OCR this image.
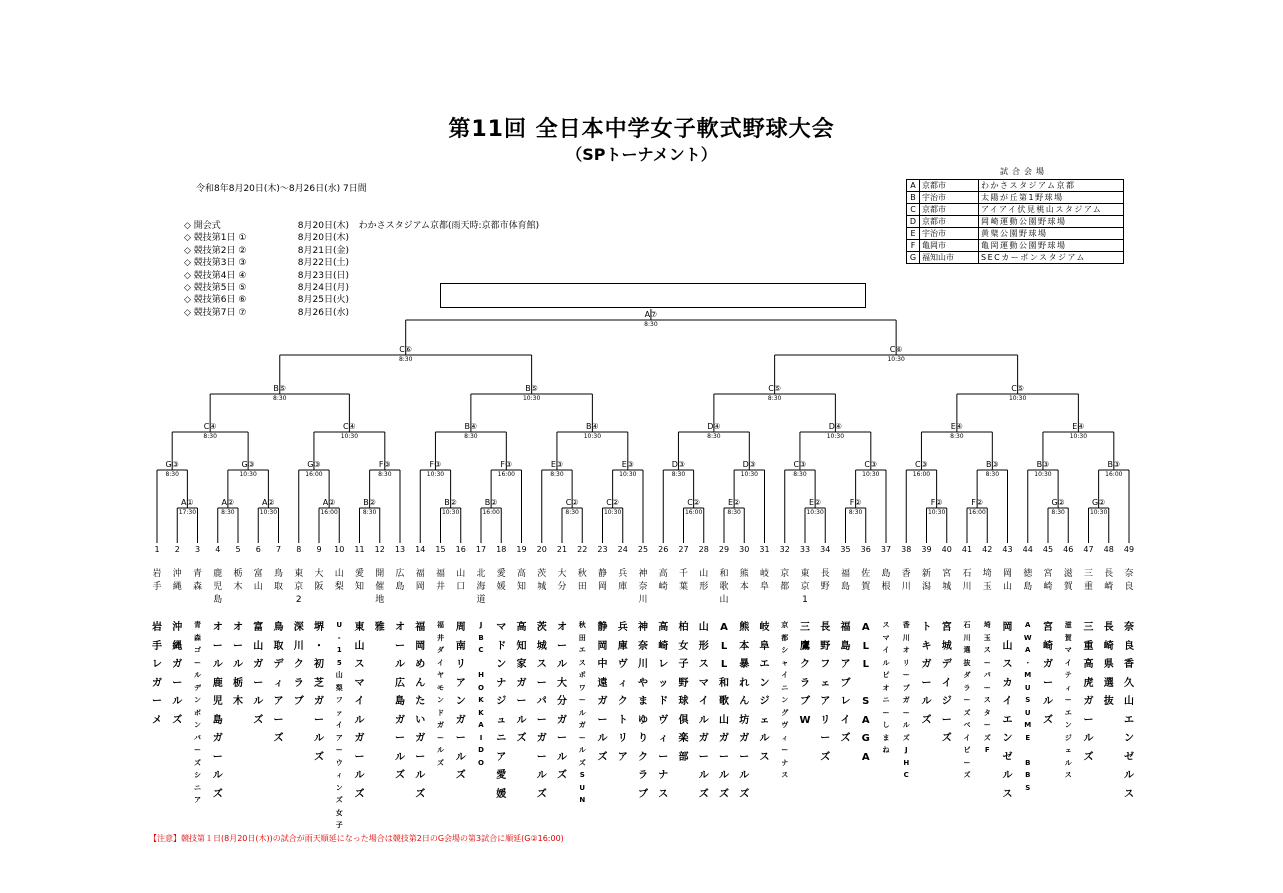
第11回 全日本中学女子軟式野球大会
（SPトーナメント）
令和8年8月20日(木)～8月26日(水) 7日間
◇ 開会式	8月20日(木) わかさスタジアム京都(雨天時:京都市体育館)
◇ 競技第1日 ①	8月20日(木)
◇ 競技第2日 ②	8月21日(金)
◇ 競技第3日 ③	8月22日(土)
◇ 競技第4日 ④	8月23日(日)
◇ 競技第5日 ⑤	8月24日(月)
◇ 競技第6日 ⑥	8月25日(火)
◇ 競技第7日 ⑦	8月26日(水)
試合会場
A	京都市	わかさスタジアム京都
B	宇治市	太陽が丘第1野球場
C	京都市	アイアイ伏見桃山スタジアム
D	京都市	岡崎運動公園野球場
E	宇治市	黄檗公園野球場
F	亀岡市	亀岡運動公園野球場
G	福知山市	SECカーボンスタジアム
A①
17:30
G③
8:30
A②
8:30
A②
10:30
G③
10:30
C④
8:30
A②
16:00
G③
16:00
B②
8:30
F③
8:30
C④
10:30
B⑤
8:30
B②
10:30
F③
10:30
B②
16:00
F③
16:00
B④
8:30
C②
8:30
E③
8:30
C②
10:30
E③
10:30
B④
10:30
B⑤
10:30
C⑥
8:30
C②
16:00
D③
8:30
E②
8:30
D③
10:30
D④
8:30
E②
10:30
C③
8:30
F②
8:30
C③
10:30
D④
10:30
C⑤
8:30
F②
10:30
C③
16:00
F②
16:00
B③
8:30
E④
8:30
G②
8:30
B③
10:30
G②
10:30
B③
16:00
E④
10:30
C⑤
10:30
C⑥
10:30
A⑦
8:30
1
岩
手
岩
手
レ
ガ
ー
メ
2
沖
縄
沖
縄
ガ
ー
ル
ズ
3
青
森
青
森
ゴ
ー
ル
デ
ン
ボ
ン
バ
ー
ズ
シ
ニ
ア
4
鹿
児
島
オ
ー
ル
鹿
児
島
ガ
ー
ル
ズ
5
栃
木
オ
ー
ル
栃
木
6
富
山
富
山
ガ
ー
ル
ズ
7
鳥
取
鳥
取
デ
ィ
ア
ー
ズ
8
東
京
2
深
川
ク
ラ
ブ
9
大
阪
堺
・
初
芝
ガ
ー
ル
ズ
10
山
梨
U
-
1
5
山
梨
フ
ァ
イ
ア
ー
ウ
ィ
ン
ズ
女
子
11
愛
知
東
山
ス
マ
イ
ル
ガ
ー
ル
ズ
12
開
催
地
雅
13
広
島
オ
ー
ル
広
島
ガ
ー
ル
ズ
14
福
岡
福
岡
め
ん
た
い
ガ
ー
ル
ズ
15
福
井
福
井
ダ
イ
ヤ
モ
ン
ド
ガ
ー
ル
ズ
16
山
口
周
南
リ
ア
ン
ガ
ー
ル
ズ
17
北
海
道
J
B
C

H
O
K
K
A
I
D
O
18
愛
媛
マ
ド
ン
ナ
ジ
ュ
ニ
ア
愛
媛
19
高
知
高
知
家
ガ
ー
ル
ズ
20
茨
城
茨
城
ス
ー
パ
ー
ガ
ー
ル
ズ
21
大
分
オ
ー
ル
大
分
ガ
ー
ル
ズ
22
秋
田
秋
田
エ
ス
ポ
ワ
ー
ル
ガ
ー
ル
ズ
S
U
N
23
静
岡
静
岡
中
遠
ガ
ー
ル
ズ
24
兵
庫
兵
庫
ヴ
ィ
ク
ト
リ
ア
25
神
奈
川
神
奈
川
や
ま
ゆ
り
ク
ラ
ブ
26
高
崎
高
崎
レ
ッ
ド
ヴ
ィ
ー
ナ
ス
27
千
葉
柏
女
子
野
球
倶
楽
部
28
山
形
山
形
ス
マ
イ
ル
ガ
ー
ル
ズ
29
和
歌
山
A
L
L
和
歌
山
ガ
ー
ル
ズ
30
熊
本
熊
本
暴
れ
ん
坊
ガ
ー
ル
ズ
31
岐
阜
岐
阜
エ
ン
ジ
ェ
ル
ス
32
京
都
京
都
シ
ャ
イ
ニ
ン
グ
ヴ
ィ
ー
ナ
ス
33
東
京
1
三
鷹
ク
ラ
ブ
W
34
長
野
長
野
フ
ェ
ア
リ
ー
ズ
35
福
島
福
島
ア
ブ
レ
イ
ズ
36
佐
賀
A
L
L

S
A
G
A
37
島
根
ス
マ
イ
ル
ピ
オ
ニ
ー
し
ま
ね
38
香
川
香
川
オ
リ
ー
ブ
ガ
ー
ル
ズ
J
H
C
39
新
潟
ト
キ
ガ
ー
ル
ズ
40
宮
城
宮
城
デ
イ
ジ
ー
ズ
41
石
川
石
川
選
抜
ダ
ラ
ー
ズ
ベ
イ
ビ
ー
ズ
42
埼
玉
埼
玉
ス
ー
パ
ー
ス
タ
ー
ズ
F
43
岡
山
岡
山
ス
カ
イ
エ
ン
ゼ
ル
ス
44
徳
島
A
W
A
・
M
U
S
U
M
E

B
B
S
45
宮
崎
宮
崎
ガ
ー
ル
ズ
46
滋
賀
滋
賀
マ
イ
テ
ィ
ー
エ
ン
ジ
ェ
ル
ス
47
三
重
三
重
高
虎
ガ
ー
ル
ズ
48
長
崎
長
崎
県
選
抜
49
奈
良
奈
良
香
久
山
エ
ン
ゼ
ル
ス
【注意】競技第１日(8月20日(木))の試合が雨天順延になった場合は競技第2日のG会場の第3試合に順延(G②16:00)
